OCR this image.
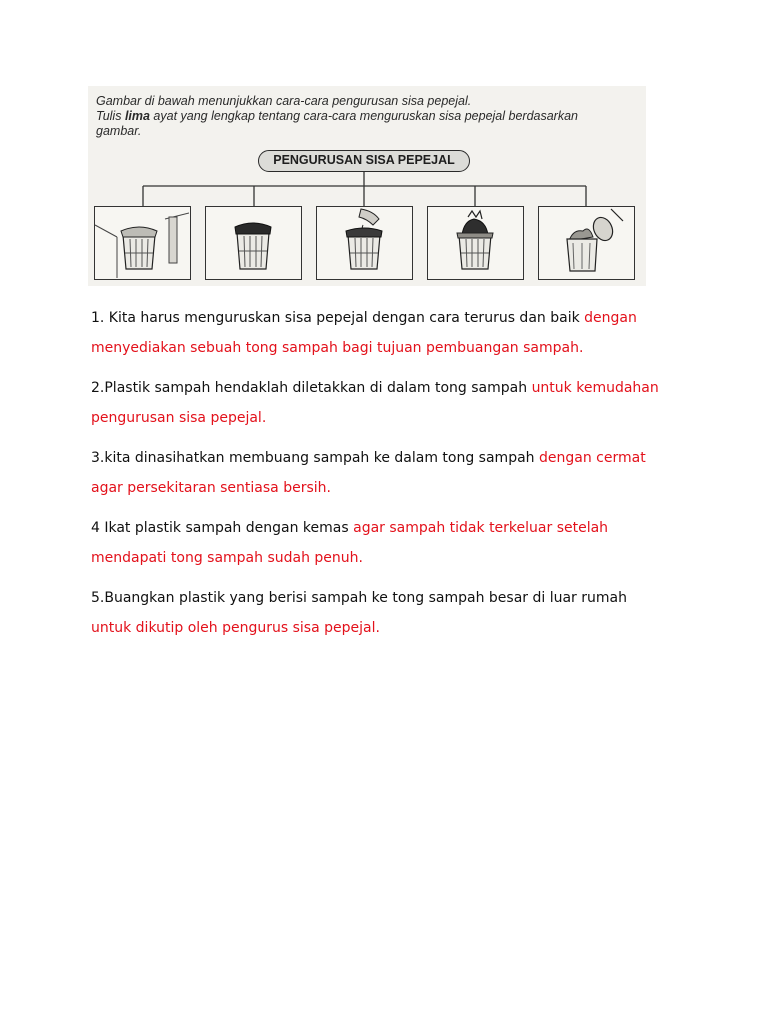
Gambar di bawah menunjukkan cara-cara pengurusan sisa pepejal.
Tulis lima ayat yang lengkap tentang cara-cara menguruskan sisa pepejal berdasarkan
gambar.
PENGURUSAN SISA PEPEJAL

1. Kita harus menguruskan sisa pepejal dengan cara terurus dan baik dengan menyediakan sebuah tong sampah bagi tujuan pembuangan sampah.

2.Plastik sampah hendaklah diletakkan di dalam tong sampah untuk kemudahan pengurusan sisa pepejal.

3.kita dinasihatkan membuang sampah ke dalam tong sampah dengan cermat agar persekitaran sentiasa bersih.

4 Ikat plastik sampah dengan kemas agar sampah tidak terkeluar setelah mendapati tong sampah sudah penuh.

5.Buangkan plastik yang berisi sampah ke tong sampah besar di luar rumah untuk dikutip oleh pengurus sisa pepejal.
